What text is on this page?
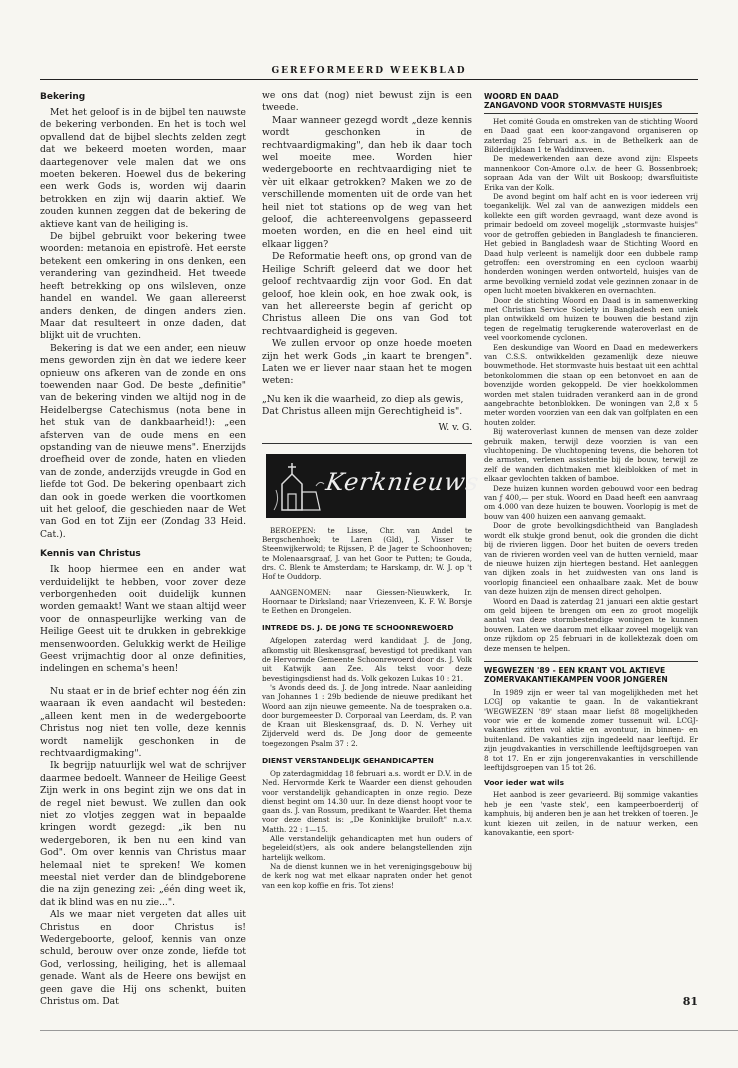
GEREFORMEERD WEEKBLAD
Bekering

Met het geloof is in de bijbel ten nauwste de bekering verbonden. En het is toch wel opvallend dat de bijbel slechts zelden zegt dat we bekeerd moeten worden, maar daartegenover vele malen dat we ons moeten bekeren. Hoewel dus de bekering een werk Gods is, worden wij daarin betrokken en zijn wij daarin aktief. We zouden kunnen zeggen dat de bekering de aktieve kant van de heiliging is.

De bijbel gebruikt voor bekering twee woorden: metanoia en epistrofè. Het eerste betekent een omkering in ons denken, een verandering van gezindheid. Het tweede heeft betrekking op ons wilsleven, onze handel en wandel. We gaan allereerst anders denken, de dingen anders zien. Maar dat resulteert in onze daden, dat blijkt uit de vruchten.

Bekering is dat we een ander, een nieuw mens geworden zijn èn dat we iedere keer opnieuw ons afkeren van de zonde en ons toewenden naar God. De beste „definitie" van de bekering vinden we altijd nog in de Heidelbergse Catechismus (nota bene in het stuk van de dankbaarheid!): „een afsterven van de oude mens en een opstanding van de nieuwe mens". Enerzijds droefheid over de zonde, haten en vlieden van de zonde, anderzijds vreugde in God en liefde tot God. De bekering openbaart zich dan ook in goede werken die voortkomen uit het geloof, die geschieden naar de Wet van God en tot Zijn eer (Zondag 33 Heid. Cat.).

Kennis van Christus

Ik hoop hiermee een en ander wat verduidelijkt te hebben, voor zover deze verborgenheden ooit duidelijk kunnen worden gemaakt! Want we staan altijd weer voor de onnaspeurlijke werking van de Heilige Geest uit te drukken in gebrekkige mensenwoorden. Gelukkig werkt de Heilige Geest vrijmachtig door al onze definities, indelingen en schema's heen!

Nu staat er in de brief echter nog één zin waaraan ik even aandacht wil besteden: „alleen kent men in de wedergeboorte Christus nog niet ten volle, deze kennis wordt namelijk geschonken in de rechtvaardigmaking".

Ik begrijp natuurlijk wel wat de schrijver daarmee bedoelt. Wanneer de Heilige Geest Zijn werk in ons begint zijn we ons dat in de regel niet bewust. We zullen dan ook niet zo vlotjes zeggen wat in bepaalde kringen wordt gezegd: „ik ben nu wedergeboren, ik ben nu een kind van God". Om over kennis van Christus maar helemaal niet te spreken! We komen meestal niet verder dan de blindgeborene die na zijn genezing zei: „één ding weet ik, dat ik blind was en nu zie...".

Als we maar niet vergeten dat alles uit Christus en door Christus is! Wedergeboorte, geloof, kennis van onze schuld, berouw over onze zonde, liefde tot God, verlossing, heiliging, het is allemaal genade. Want als de Heere ons bewijst en geen gave die Hij ons schenkt, buiten Christus om. Dat

we ons dat (nog) niet bewust zijn is een tweede.

Maar wanneer gezegd wordt „deze kennis wordt geschonken in de rechtvaardigmaking", dan heb ik daar toch wel moeite mee. Worden hier wedergeboorte en rechtvaardiging niet te vèr uit elkaar getrokken? Maken we zo de verschillende momenten uit de orde van het heil niet tot stations op de weg van het geloof, die achtereenvolgens gepasseerd moeten worden, en die en heel eind uit elkaar liggen?

De Reformatie heeft ons, op grond van de Heilige Schrift geleerd dat we door het geloof rechtvaardig zijn voor God. En dat geloof, hoe klein ook, en hoe zwak ook, is van het allereerste begin af gericht op Christus alleen Die ons van God tot rechtvaardigheid is gegeven.

We zullen ervoor op onze hoede moeten zijn het werk Gods „in kaart te brengen". Laten we er liever naar staan het te mogen weten:

„Nu ken ik die waarheid, zo diep als gewis,
Dat Christus alleen mijn Gerechtigheid is".
W. v. G.
Kerknieuws

BEROEPEN: te Lisse, Chr. van Andel te Bergschenhoek; te Laren (Gld), J. Visser te Steenwijkerwold; te Rijssen, P. de Jager te Schoonhoven; te Molenaarsgraaf, J. van het Goor te Putten; te Gouda, drs. C. Blenk te Amsterdam; te Harskamp, dr. W. J. op 't Hof te Ouddorp.

AANGENOMEN: naar Giessen-Nieuwkerk, Ir. Hoornaar te Dirksland; naar Vriezenveen, K. F. W. Borsje te Eethen en Drongelen.

INTREDE DS. J. DE JONG TE SCHOONREWOERD

Afgelopen zaterdag werd kandidaat J. de Jong, afkomstig uit Bleskensgraaf, bevestigd tot predikant van de Hervormde Gemeente Schoonrewoerd door ds. J. Volk uit Katwijk aan Zee. Als tekst voor deze bevestigingsdienst had ds. Volk gekozen Lukas 10 : 21.

's Avonds deed ds. J. de Jong intrede. Naar aanleiding van Johannes 1 : 29b bediende de nieuwe predikant het Woord aan zijn nieuwe gemeente. Na de toespraken o.a. door burgemeester D. Corporaal van Leerdam, ds. P. van de Kraan uit Bleskensgraaf, ds. D. N. Verhey uit Zijderveld werd ds. De Jong door de gemeente toegezongen Psalm 37 : 2.

DIENST VERSTANDELIJK GEHANDICAPTEN

Op zaterdagmiddag 18 februari a.s. wordt er D.V. in de Ned. Hervormde Kerk te Waarder een dienst gehouden voor verstandelijk gehandicapten in onze regio. Deze dienst begint om 14.30 uur. In deze dienst hoopt voor te gaan ds. J. van Rossum, predikant te Waarder. Het thema voor deze dienst is: „De Koninklijke bruiloft" n.a.v. Matth. 22 : 1—15.

Alle verstandelijk gehandicapten met hun ouders of begeleid(st)ers, als ook andere belangstellenden zijn hartelijk welkom.

Na de dienst kunnen we in het verenigingsgebouw bij de kerk nog wat met elkaar napraten onder het genot van een kop koffie en fris. Tot ziens!

WOORD EN DAAD
ZANGAVOND VOOR STORMVASTE HUISJES

Het comité Gouda en omstreken van de stichting Woord en Daad gaat een koor-zangavond organiseren op zaterdag 25 februari a.s. in de Bethelkerk aan de Bilderdijklaan 1 te Waddinxveen.

De medewerkenden aan deze avond zijn: Elspeets mannenkoor Con-Amore o.l.v. de heer G. Bossenbroek; sopraan Ada van der Wilt uit Boskoop; dwarsfluitiste Erika van der Kolk.

De avond begint om half acht en is voor iedereen vrij toegankelijk. Wel zal van de aanwezigen middels een kollekte een gift worden gevraagd, want deze avond is primair bedoeld om zoveel mogelijk „stormvaste huisjes" voor de getroffen gebieden in Bangladesh te financieren. Het gebied in Bangladesh waar de Stichting Woord en Daad hulp verleent is namelijk door een dubbele ramp getroffen: een overstroming en een cycloon waarbij honderden woningen werden ontworteld, huisjes van de arme bevolking vernield zodat vele gezinnen zonaar in de open lucht moeten bivakkeren en overnachten.

Door de stichting Woord en Daad is in samenwerking met Christian Service Society in Bangladesh een uniek plan ontwikkeld om huizen te bouwen die bestand zijn tegen de regelmatig terugkerende wateroverlast en de veel voorkomende cyclonen.

Een deskundige van Woord en Daad en medewerkers van C.S.S. ontwikkelden gezamenlijk deze nieuwe bouwmethode. Het stormvaste huis bestaat uit een achttal betonkolommen die staan op een betonvoet en aan de bovenzijde worden gekoppeld. De vier hoekkolommen worden met stalen tuidraden verankerd aan in de grond aangebrachte betonblokken. De woningen van 2,8 x 5 meter worden voorzien van een dak van golfplaten en een houten zolder.

Bij wateroverlast kunnen de mensen van deze zolder gebruik maken, terwijl deze voorzien is van een vluchtopening. De vluchtopening tevens, die behoren tot de armsten, verlenen assistentie bij de bouw, terwijl ze zelf de wanden dichtmaken met kleiblokken of met in elkaar gevlochten takken of bamboe.

Deze huizen kunnen worden gebouwd voor een bedrag van ƒ 400,— per stuk. Woord en Daad heeft een aanvraag om 4.000 van deze huizen te bouwen. Voorlopig is met de bouw van 400 huizen een aanvang gemaakt.

Door de grote bevolkingsdichtheid van Bangladesh wordt elk stukje grond benut, ook die gronden die dicht bij de rivieren liggen. Door het buiten de oevers treden van de rivieren worden veel van de hutten vernield, maar de nieuwe huizen zijn hiertegen bestand. Het aanleggen van dijken zoals in het zuidwesten van ons land is voorlopig financieel een onhaalbare zaak. Met de bouw van deze huizen zijn de mensen direct geholpen.

Woord en Daad is zaterdag 21 januari een aktie gestart om geld bijeen te brengen om een zo groot mogelijk aantal van deze stormbestendige woningen te kunnen bouwen. Laten we daarom met elkaar zoveel mogelijk van onze rijkdom op 25 februari in de kollektezak doen om deze mensen te helpen.

WEGWEZEN '89 - EEN KRANT VOL AKTIEVE ZOMERVAKANTIEKAMPEN VOOR JONGEREN

In 1989 zijn er weer tal van mogelijkheden met het LCGJ op vakantie te gaan. In de vakantiekrant 'WEGWEZEN '89' staan maar liefst 88 mogelijkheden voor wie er de komende zomer tussenuit wil. LCGJ-vakanties zitten vol aktie en avontuur, in binnen- en buitenland. De vakanties zijn ingedeeld naar leeftijd. Er zijn jeugdvakanties in verschillende leeftijdsgroepen van 8 tot 17. En er zijn jongerenvakanties in verschillende leeftijdsgroepen van 15 tot 26.

Voor ieder wat wils

Het aanbod is zeer gevarieerd. Bij sommige vakanties heb je een 'vaste stek', een kampeerboerderij of kamphuis, bij anderen ben je aan het trekken of toeren. Je kunt kiezen uit zeilen, in de natuur werken, een kanovakantie, een sport-

81
